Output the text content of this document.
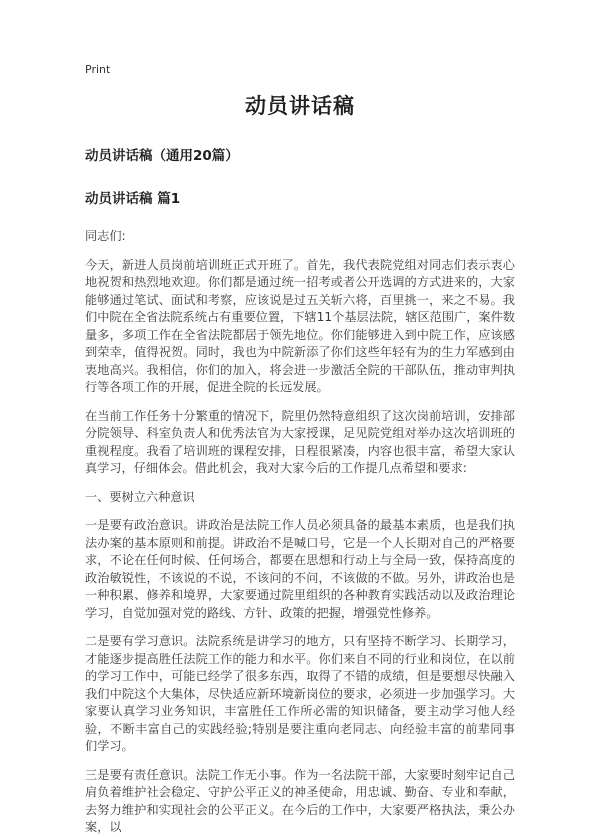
Print
动员讲话稿
动员讲话稿（通用20篇）
动员讲话稿 篇1

同志们:

今天，新进人员岗前培训班正式开班了。首先，我代表院党组对同志们表示衷心地祝贺和热烈地欢迎。你们都是通过统一招考或者公开选调的方式进来的，大家能够通过笔试、面试和考察，应该说是过五关斩六将，百里挑一，来之不易。我们中院在全省法院系统占有重要位置，下辖11个基层法院，辖区范围广，案件数量多，多项工作在全省法院都居于领先地位。你们能够进入到中院工作，应该感到荣幸，值得祝贺。同时，我也为中院新添了你们这些年轻有为的生力军感到由衷地高兴。我相信，你们的加入，将会进一步激活全院的干部队伍，推动审判执行等各项工作的开展，促进全院的长远发展。

在当前工作任务十分繁重的情况下，院里仍然特意组织了这次岗前培训，安排部分院领导、科室负责人和优秀法官为大家授课，足见院党组对举办这次培训班的重视程度。我看了培训班的课程安排，日程很紧凑，内容也很丰富，希望大家认真学习，仔细体会。借此机会，我对大家今后的工作提几点希望和要求:

一、要树立六种意识

一是要有政治意识。讲政治是法院工作人员必须具备的最基本素质，也是我们执法办案的基本原则和前提。讲政治不是喊口号，它是一个人长期对自己的严格要求，不论在任何时候、任何场合，都要在思想和行动上与全局一致，保持高度的政治敏锐性，不该说的不说，不该问的不问，不该做的不做。另外，讲政治也是一种积累、修养和境界，大家要通过院里组织的各种教育实践活动以及政治理论学习，自觉加强对党的路线、方针、政策的把握，增强党性修养。

二是要有学习意识。法院系统是讲学习的地方，只有坚持不断学习、长期学习，才能逐步提高胜任法院工作的能力和水平。你们来自不同的行业和岗位，在以前的学习工作中，可能已经学了很多东西，取得了不错的成绩，但是要想尽快融入我们中院这个大集体，尽快适应新环境新岗位的要求，必须进一步加强学习。大家要认真学习业务知识，丰富胜任工作所必需的知识储备，要主动学习他人经验，不断丰富自己的实践经验;特别是要注重向老同志、向经验丰富的前辈同事们学习。

三是要有责任意识。法院工作无小事。作为一名法院干部，大家要时刻牢记自己肩负着维护社会稳定、守护公平正义的神圣使命，用忠诚、勤奋、专业和奉献，去努力维护和实现社会的公平正义。在今后的工作中，大家要严格执法，秉公办案，以
